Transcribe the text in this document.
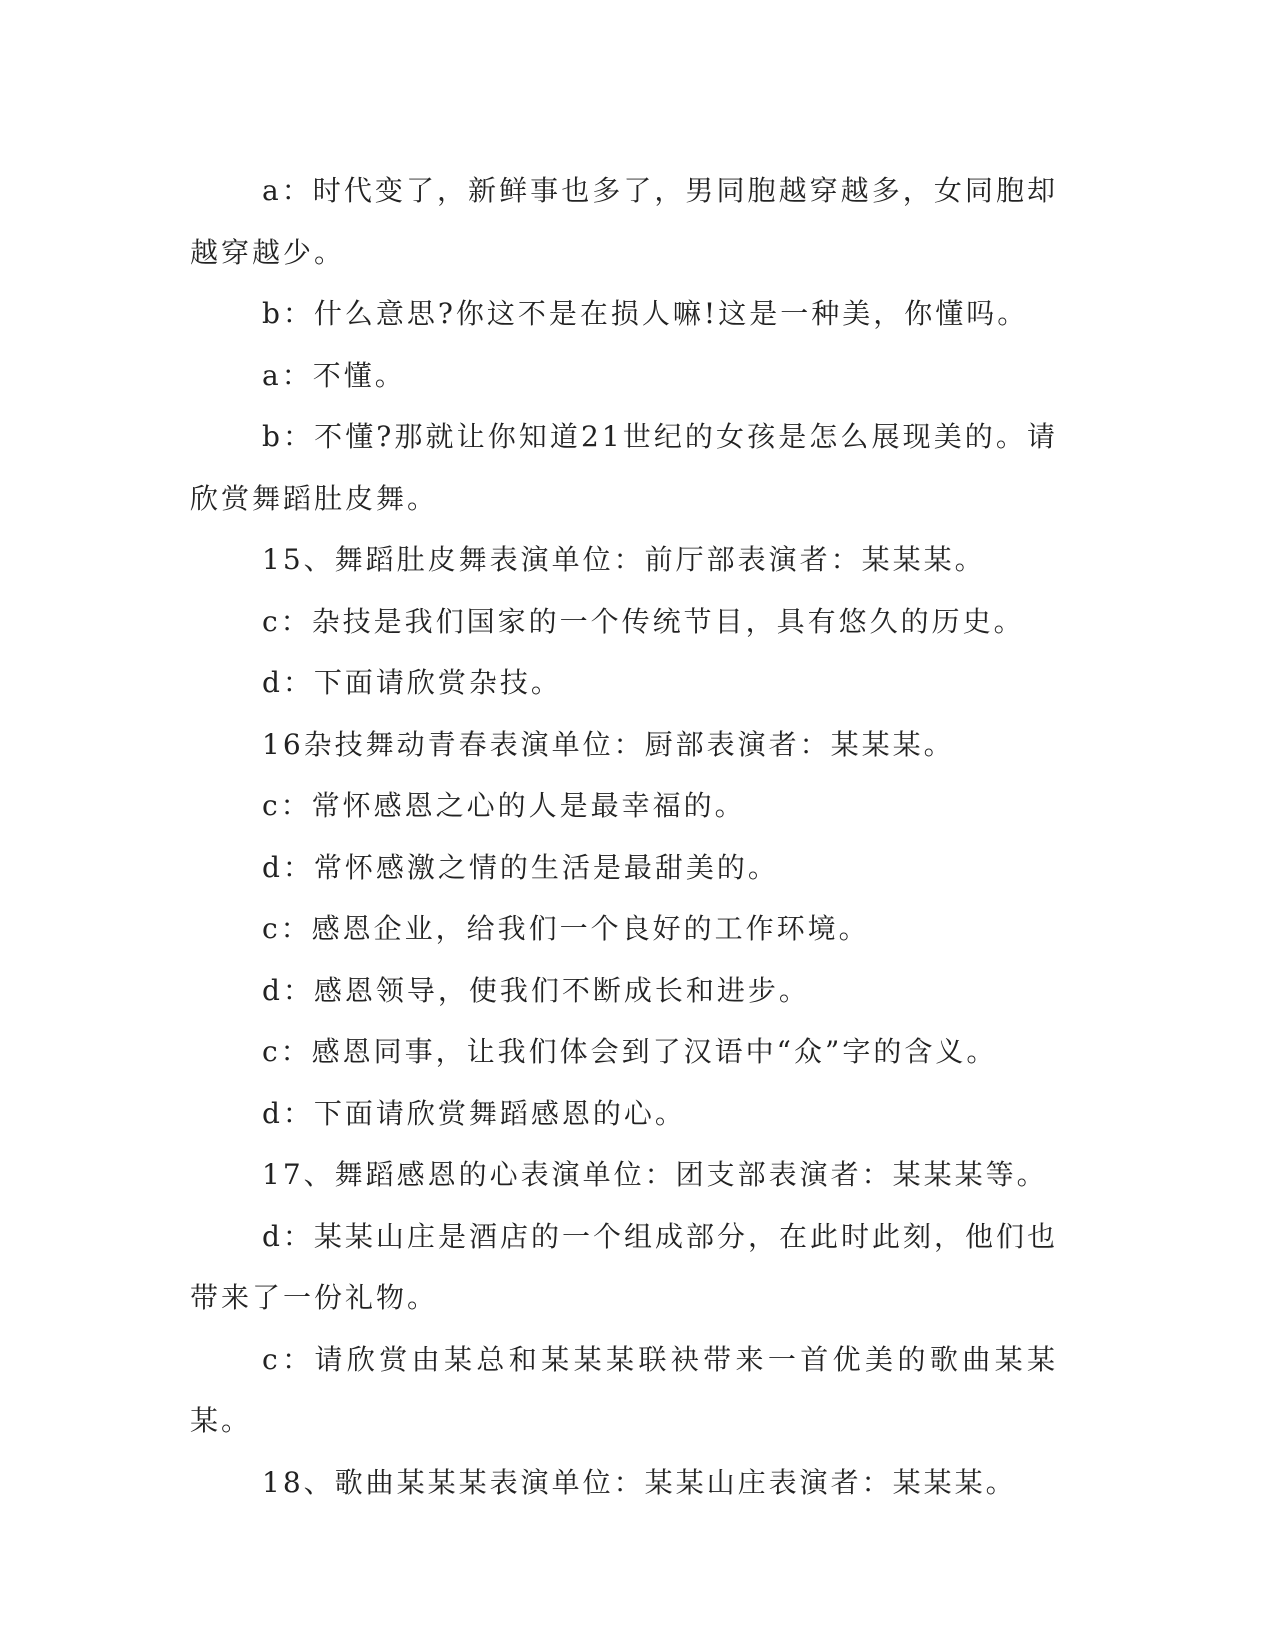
a：时代变了，新鲜事也多了，男同胞越穿越多，女同胞却越穿越少。

b：什么意思?你这不是在损人嘛!这是一种美，你懂吗。

a：不懂。

b：不懂?那就让你知道21世纪的女孩是怎么展现美的。请欣赏舞蹈肚皮舞。

15、舞蹈肚皮舞表演单位：前厅部表演者：某某某。

c：杂技是我们国家的一个传统节目，具有悠久的历史。

d：下面请欣赏杂技。

16杂技舞动青春表演单位：厨部表演者：某某某。

c：常怀感恩之心的人是最幸福的。

d：常怀感激之情的生活是最甜美的。

c：感恩企业，给我们一个良好的工作环境。

d：感恩领导，使我们不断成长和进步。

c：感恩同事，让我们体会到了汉语中“众”字的含义。

d：下面请欣赏舞蹈感恩的心。

17、舞蹈感恩的心表演单位：团支部表演者：某某某等。

d：某某山庄是酒店的一个组成部分，在此时此刻，他们也带来了一份礼物。

c：请欣赏由某总和某某某联袂带来一首优美的歌曲某某某。

18、歌曲某某某表演单位：某某山庄表演者：某某某。
